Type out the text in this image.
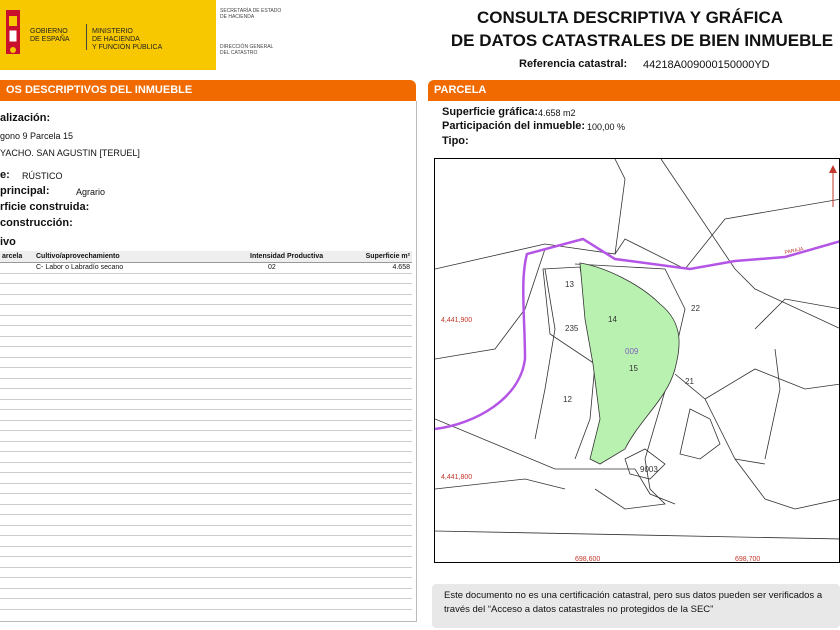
GOBIERNO
DE ESPAÑA
MINISTERIO
DE HACIENDA
Y FUNCIÓN PÚBLICA
SECRETARÍA DE ESTADO
DE HACIENDA
DIRECCIÓN GENERAL
DEL CATASTRO
CONSULTA DESCRIPTIVA Y GRÁFICA
DE DATOS CATASTRALES DE BIEN INMUEBLE
Referencia catastral: 44218A009000150000YD
OS DESCRIPTIVOS DEL INMUEBLE
alización:
gono 9 Parcela 15
YACHO. SAN AGUSTIN [TERUEL]
e: RÚSTICO
principal:	Agrario
rficie construida:
construcción:
ivo
arcela	Cultivo/aprovechamiento	Intensidad Productiva	Superficie m²
	C- Labor o Labradío secano	02	4.658

PARCELA
Superficie gráfica: 4.658 m2
Participación del inmueble: 100,00 %
Tipo:
13
14
235
22
009
15
21
12
9003
4,441,900
4,441,800
698,600	698,700
PARAJA
Este documento no es una certificación catastral, pero sus datos pueden ser verificados a
través del “Acceso a datos catastrales no protegidos de la SEC”
